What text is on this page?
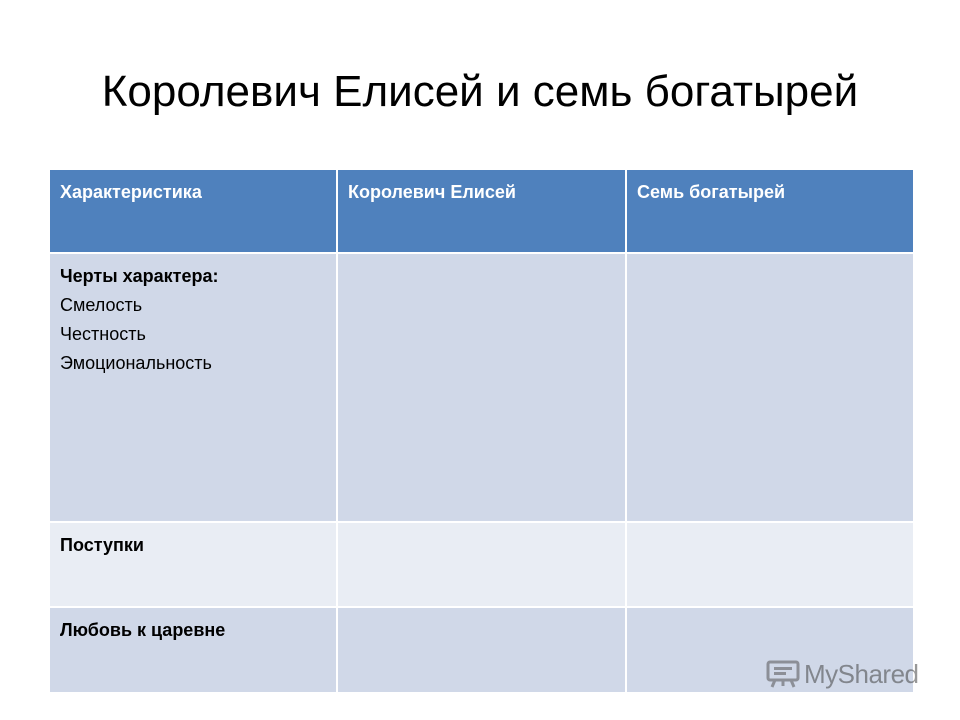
Королевич Елисей и семь богатырей
Характеристика	Королевич Елисей	Семь богатырей

Черты характера:
Смелость
Честность
Эмоциональность		

Поступки		

Любовь к царевне		

MyShared
